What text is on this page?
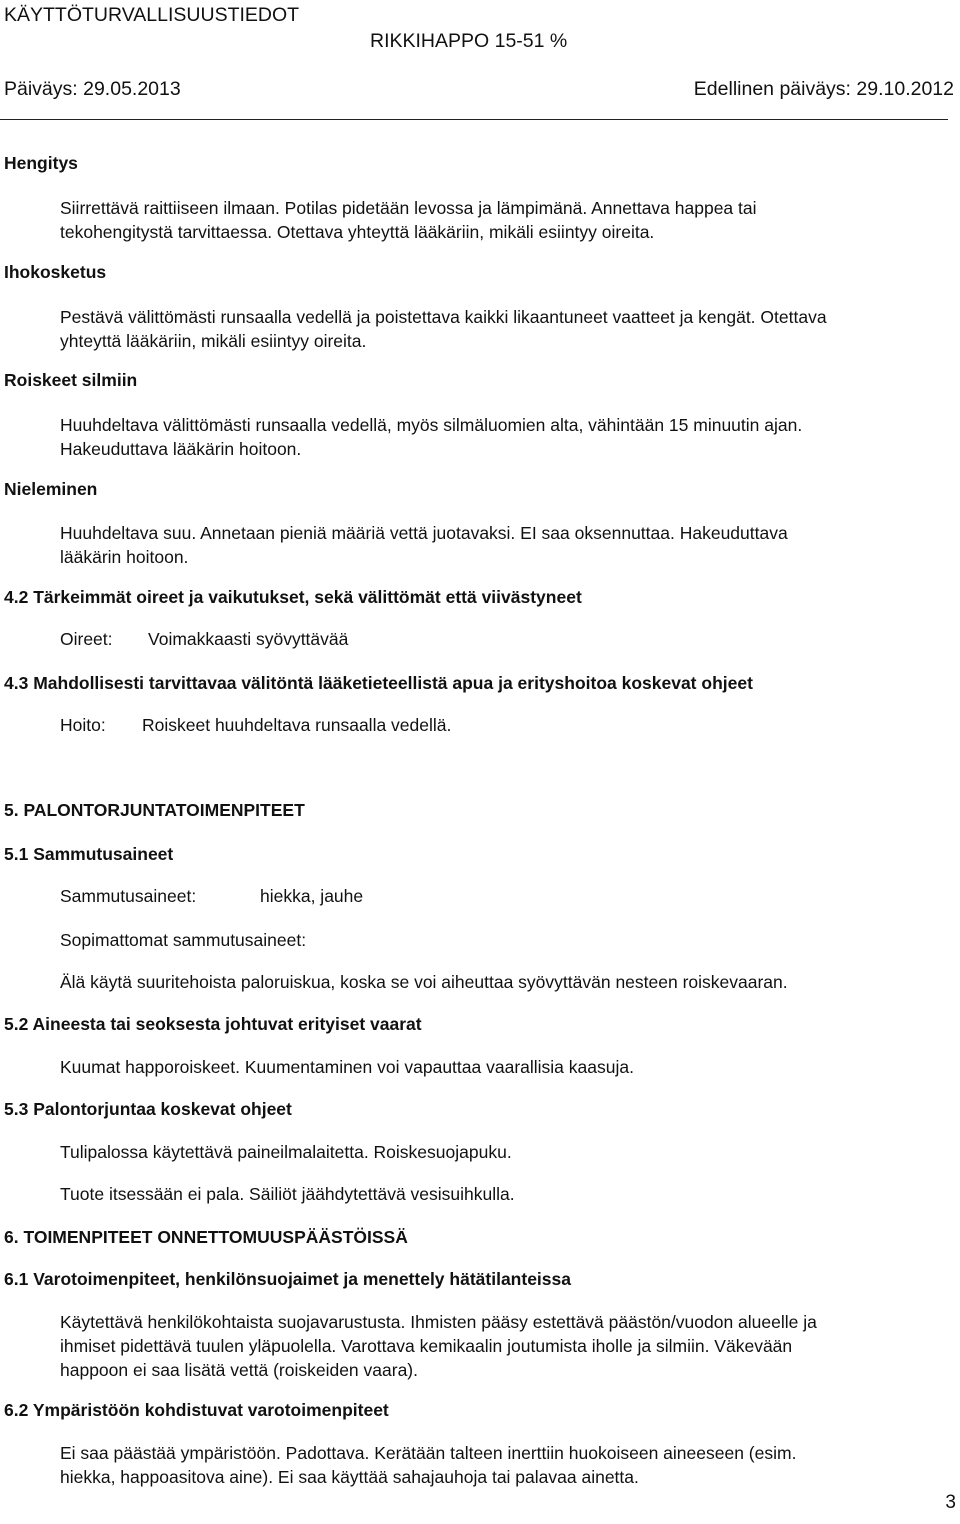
KÄYTTÖTURVALLISUUSTIEDOT
RIKKIHAPPO 15-51 %
Päiväys: 29.05.2013	Edellinen päiväys: 29.10.2012
Hengitys
Siirrettävä raittiiseen ilmaan. Potilas pidetään levossa ja lämpimänä. Annettava happea tai
tekohengitystä tarvittaessa. Otettava yhteyttä lääkäriin, mikäli esiintyy oireita.
Ihokosketus
Pestävä välittömästi runsaalla vedellä ja poistettava kaikki likaantuneet vaatteet ja kengät. Otettava
yhteyttä lääkäriin, mikäli esiintyy oireita.
Roiskeet silmiin
Huuhdeltava välittömästi runsaalla vedellä, myös silmäluomien alta, vähintään 15 minuutin ajan.
Hakeuduttava lääkärin hoitoon.
Nieleminen
Huuhdeltava suu. Annetaan pieniä määriä vettä juotavaksi. EI saa oksennuttaa. Hakeuduttava
lääkärin hoitoon.
4.2 Tärkeimmät oireet ja vaikutukset, sekä välittömät että viivästyneet
Oireet: Voimakkaasti syövyttävää
4.3 Mahdollisesti tarvittavaa välitöntä lääketieteellistä apua ja erityshoitoa koskevat ohjeet
Hoito: Roiskeet huuhdeltava runsaalla vedellä.
5. PALONTORJUNTATOIMENPITEET
5.1 Sammutusaineet
Sammutusaineet:	hiekka, jauhe
Sopimattomat sammutusaineet:
Älä käytä suuritehoista paloruiskua, koska se voi aiheuttaa syövyttävän nesteen roiskevaaran.
5.2 Aineesta tai seoksesta johtuvat erityiset vaarat
Kuumat happoroiskeet. Kuumentaminen voi vapauttaa vaarallisia kaasuja.
5.3 Palontorjuntaa koskevat ohjeet
Tulipalossa käytettävä paineilmalaitetta. Roiskesuojapuku.
Tuote itsessään ei pala. Säiliöt jäähdytettävä vesisuihkulla.
6. TOIMENPITEET ONNETTOMUUSPÄÄSTÖISSÄ
6.1 Varotoimenpiteet, henkilönsuojaimet ja menettely hätätilanteissa
Käytettävä henkilökohtaista suojavarustusta. Ihmisten pääsy estettävä päästön/vuodon alueelle ja
ihmiset pidettävä tuulen yläpuolella. Varottava kemikaalin joutumista iholle ja silmiin. Väkevään
happoon ei saa lisätä vettä (roiskeiden vaara).
6.2 Ympäristöön kohdistuvat varotoimenpiteet
Ei saa päästää ympäristöön. Padottava. Kerätään talteen inerttiin huokoiseen aineeseen (esim.
hiekka, happoasitova aine). Ei saa käyttää sahajauhoja tai palavaa ainetta.
3
